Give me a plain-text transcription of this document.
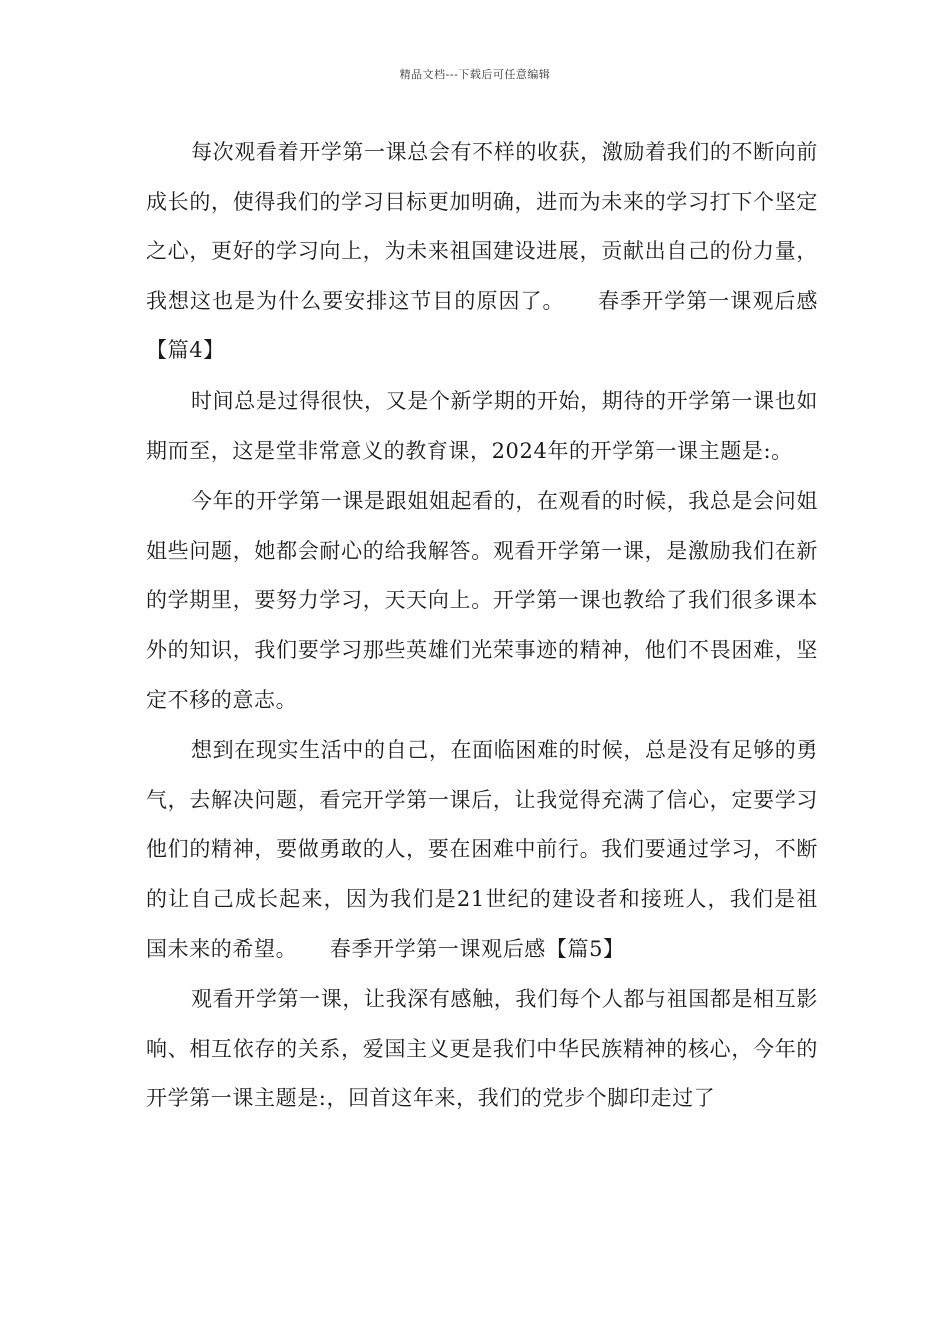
精品文档---下载后可任意编辑

每次观看着开学第一课总会有不样的收获，激励着我们的不断向前成长的，使得我们的学习目标更加明确，进而为未来的学习打下个坚定之心，更好的学习向上，为未来祖国建设进展，贡献出自己的份力量，我想这也是为什么要安排这节目的原因了。　　春季开学第一课观后感【篇4】

时间总是过得很快，又是个新学期的开始，期待的开学第一课也如期而至，这是堂非常意义的教育课，2024年的开学第一课主题是:。

今年的开学第一课是跟姐姐起看的，在观看的时候，我总是会问姐姐些问题，她都会耐心的给我解答。观看开学第一课，是激励我们在新的学期里，要努力学习，天天向上。开学第一课也教给了我们很多课本外的知识，我们要学习那些英雄们光荣事迹的精神，他们不畏困难，坚定不移的意志。

想到在现实生活中的自己，在面临困难的时候，总是没有足够的勇气，去解决问题，看完开学第一课后，让我觉得充满了信心，定要学习他们的精神，要做勇敢的人，要在困难中前行。我们要通过学习，不断的让自己成长起来，因为我们是21世纪的建设者和接班人，我们是祖国未来的希望。　　春季开学第一课观后感【篇5】

观看开学第一课，让我深有感触，我们每个人都与祖国都是相互影响、相互依存的关系，爱国主义更是我们中华民族精神的核心，今年的开学第一课主题是:，回首这年来，我们的党步个脚印走过了
